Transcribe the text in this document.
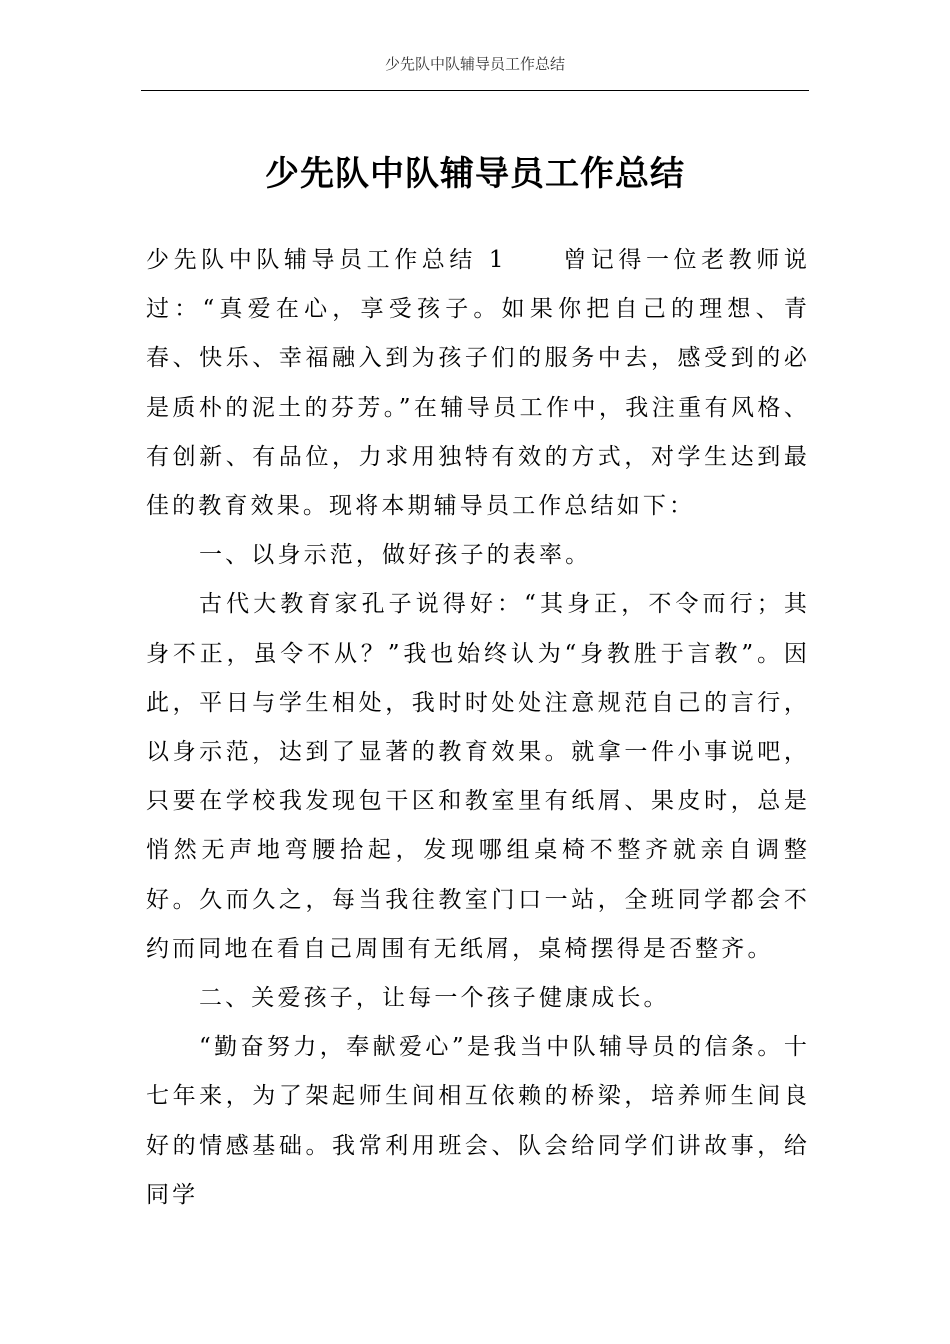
少先队中队辅导员工作总结
少先队中队辅导员工作总结

少先队中队辅导员工作总结 1　　曾记得一位老教师说过：“真爱在心，享受孩子。如果你把自己的理想、青春、快乐、幸福融入到为孩子们的服务中去，感受到的必是质朴的泥土的芬芳。”在辅导员工作中，我注重有风格、有创新、有品位，力求用独特有效的方式，对学生达到最佳的教育效果。现将本期辅导员工作总结如下：

一、以身示范，做好孩子的表率。

古代大教育家孔子说得好：“其身正，不令而行；其身不正，虽令不从？”我也始终认为“身教胜于言教”。因此，平日与学生相处，我时时处处注意规范自己的言行，以身示范，达到了显著的教育效果。就拿一件小事说吧，只要在学校我发现包干区和教室里有纸屑、果皮时，总是悄然无声地弯腰拾起，发现哪组桌椅不整齐就亲自调整好。久而久之，每当我往教室门口一站，全班同学都会不约而同地在看自己周围有无纸屑，桌椅摆得是否整齐。

二、关爱孩子，让每一个孩子健康成长。

“勤奋努力，奉献爱心”是我当中队辅导员的信条。十七年来，为了架起师生间相互依赖的桥梁，培养师生间良好的情感基础。我常利用班会、队会给同学们讲故事，给同学
